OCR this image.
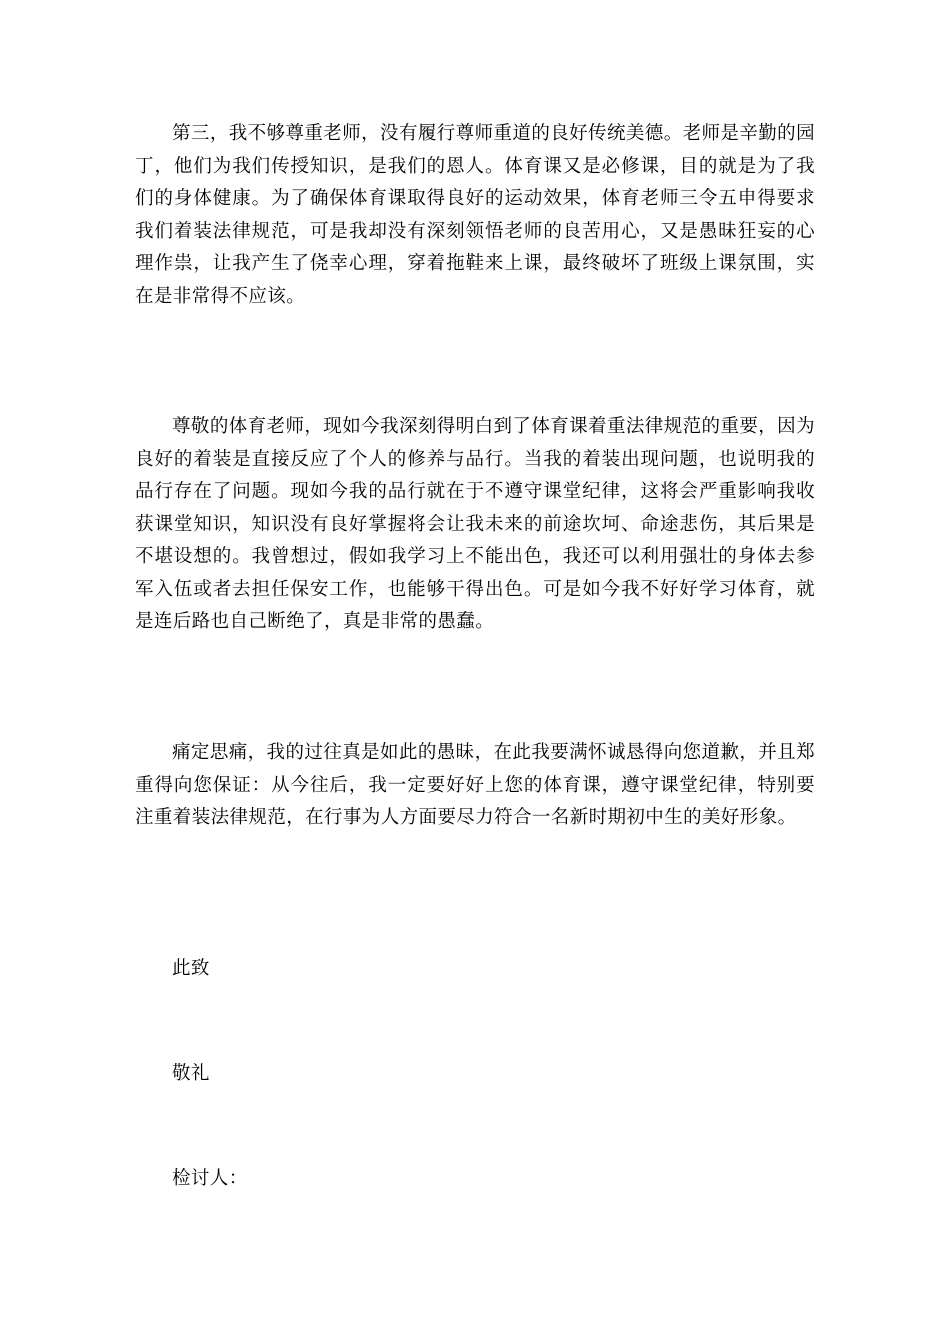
第三，我不够尊重老师，没有履行尊师重道的良好传统美德。老师是辛勤的园丁，他们为我们传授知识，是我们的恩人。体育课又是必修课，目的就是为了我们的身体健康。为了确保体育课取得良好的运动效果，体育老师三令五申得要求我们着装法律规范，可是我却没有深刻领悟老师的良苦用心，又是愚昧狂妄的心理作祟，让我产生了侥幸心理，穿着拖鞋来上课，最终破坏了班级上课氛围，实在是非常得不应该。

尊敬的体育老师，现如今我深刻得明白到了体育课着重法律规范的重要，因为良好的着装是直接反应了个人的修养与品行。当我的着装出现问题，也说明我的品行存在了问题。现如今我的品行就在于不遵守课堂纪律，这将会严重影响我收获课堂知识，知识没有良好掌握将会让我未来的前途坎坷、命途悲伤，其后果是不堪设想的。我曾想过，假如我学习上不能出色，我还可以利用强壮的身体去参军入伍或者去担任保安工作，也能够干得出色。可是如今我不好好学习体育，就是连后路也自己断绝了，真是非常的愚蠢。

痛定思痛，我的过往真是如此的愚昧，在此我要满怀诚恳得向您道歉，并且郑重得向您保证：从今往后，我一定要好好上您的体育课，遵守课堂纪律，特别要注重着装法律规范，在行事为人方面要尽力符合一名新时期初中生的美好形象。

此致

敬礼

检讨人：
